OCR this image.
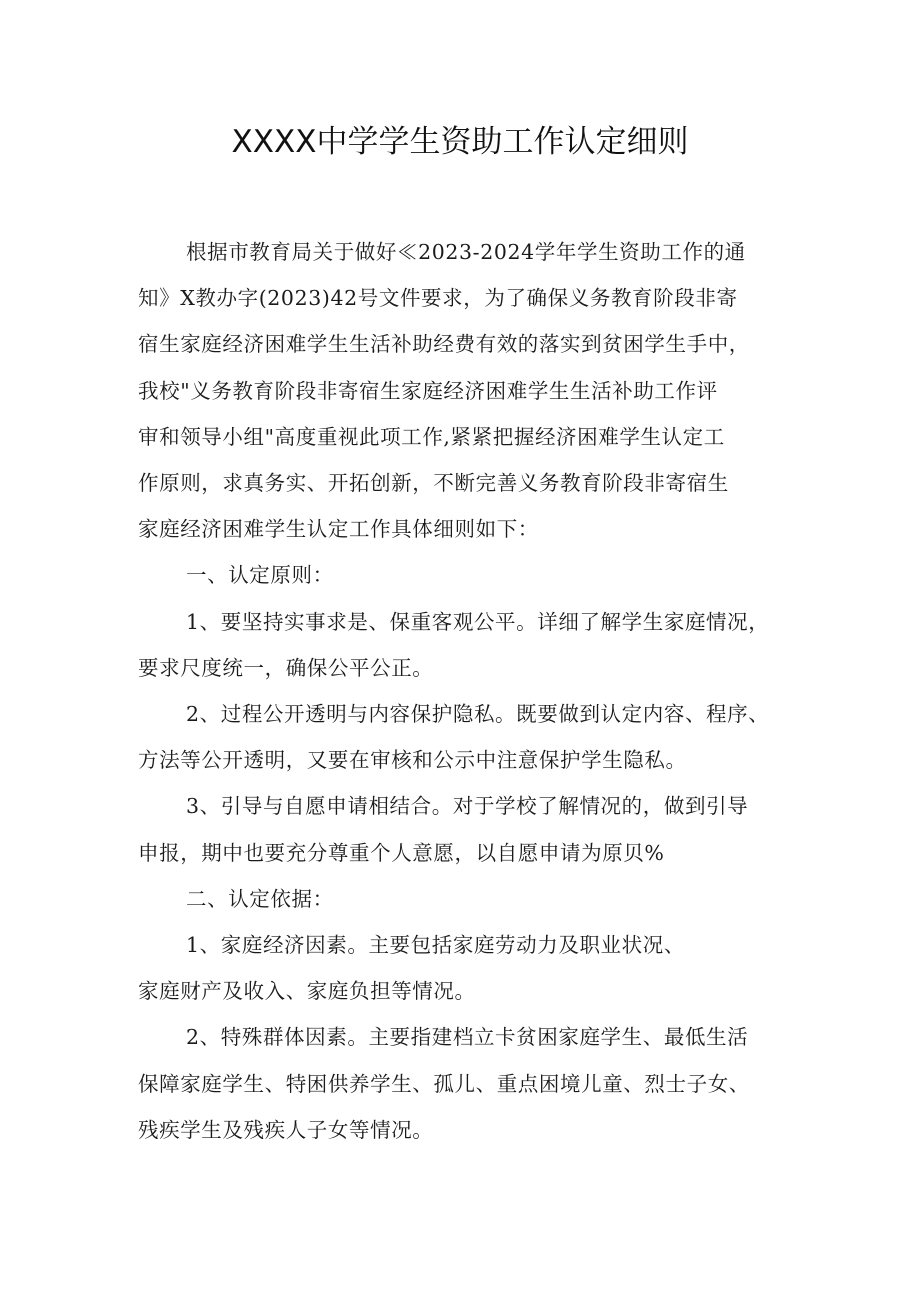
XXXX中学学生资助工作认定细则

根据市教育局关于做好≪2023-2024学年学生资助工作的通
知》X教办字(2023)42号文件要求，为了确保义务教育阶段非寄
宿生家庭经济困难学生生活补助经费有效的落实到贫困学生手中，
我校"义务教育阶段非寄宿生家庭经济困难学生生活补助工作评
审和领导小组"高度重视此项工作,紧紧把握经济困难学生认定工
作原则，求真务实、开拓创新，不断完善义务教育阶段非寄宿生
家庭经济困难学生认定工作具体细则如下：

一、认定原则：

1、要坚持实事求是、保重客观公平。详细了解学生家庭情况，
要求尺度统一，确保公平公正。

2、过程公开透明与内容保护隐私。既要做到认定内容、程序、
方法等公开透明，又要在审核和公示中注意保护学生隐私。

3、引导与自愿申请相结合。对于学校了解情况的，做到引导
申报，期中也要充分尊重个人意愿，以自愿申请为原贝%

二、认定依据：

1、家庭经济因素。主要包括家庭劳动力及职业状况、
家庭财产及收入、家庭负担等情况。

2、特殊群体因素。主要指建档立卡贫困家庭学生、最低生活
保障家庭学生、特困供养学生、孤儿、重点困境儿童、烈士子女、
残疾学生及残疾人子女等情况。
